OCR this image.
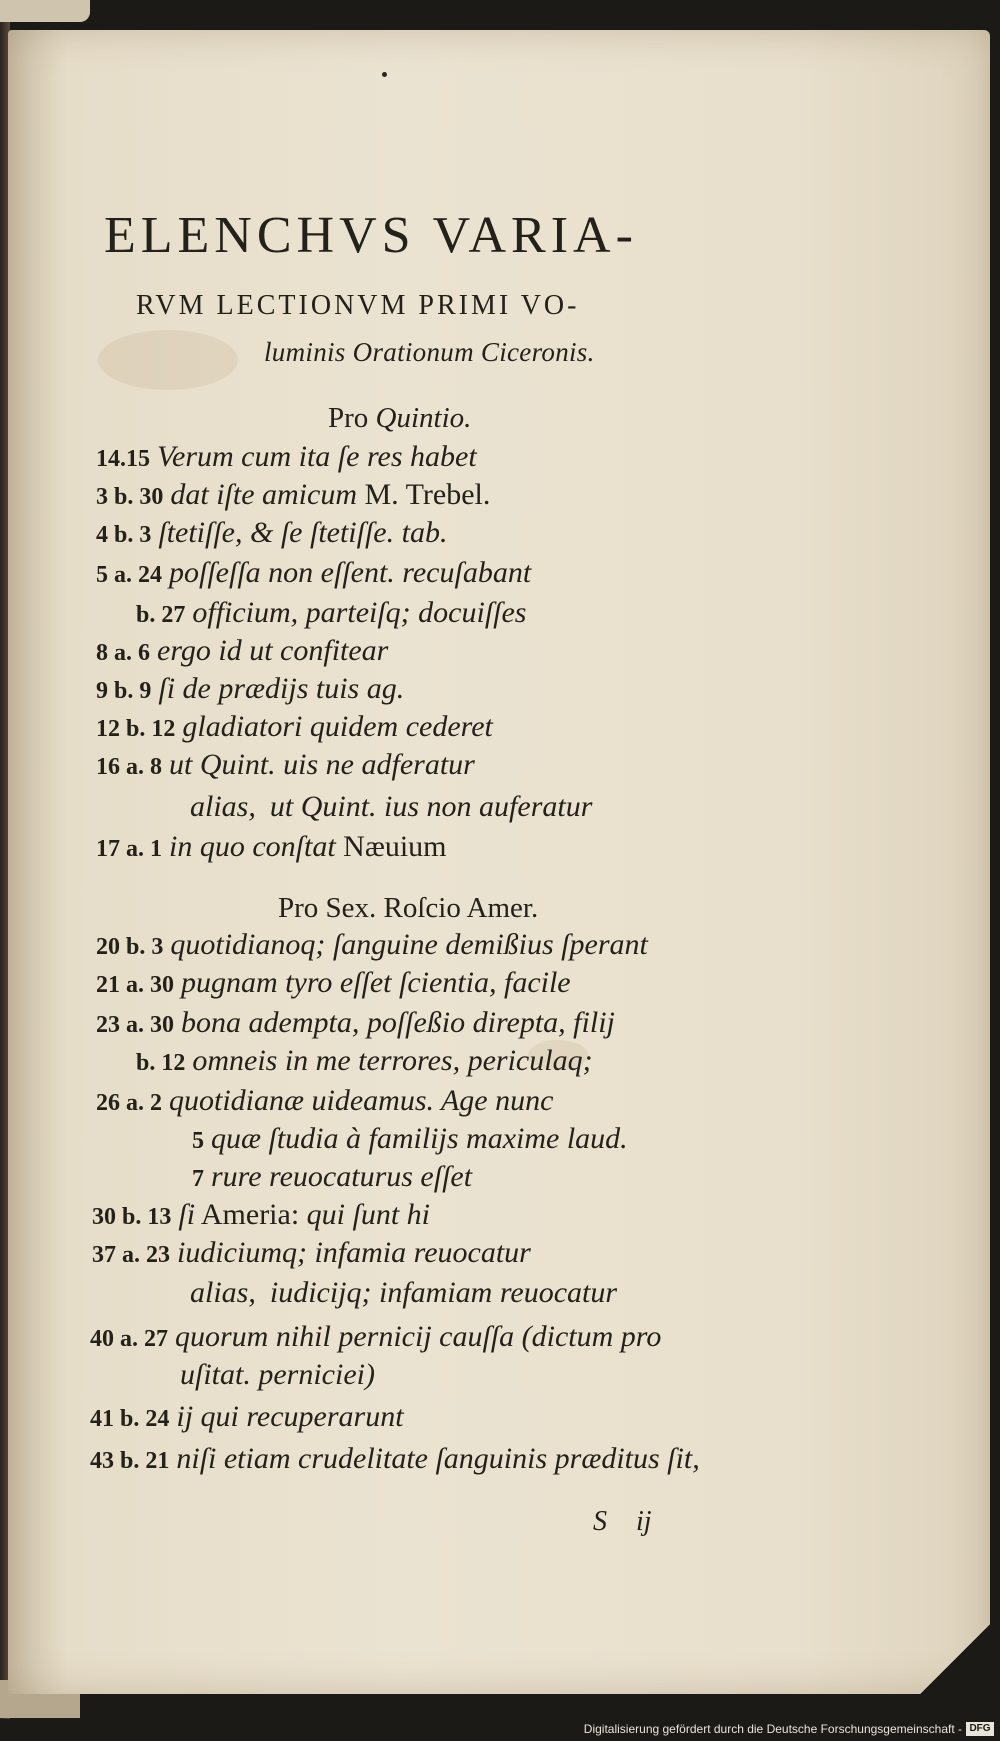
ELENCHVS VARIA-
RVM LECTIONVM PRIMI VO-
luminis Orationum Ciceronis.
Pro Quintio.
14.15 Verum cum ita ſe res habet
3 b. 30 dat iſte amicum M. Trebel.
4 b. 3 ſtetiſſe, & ſe ſtetiſſe. tab.
5 a. 24 poſſeſſa non eſſent. recuſabant
b. 27 officium, parteiſq; docuiſſes
8 a. 6 ergo id ut confitear
9 b. 9 ſi de prædijs tuis ag.
12 b. 12 gladiatori quidem cederet
16 a. 8 ut Quint. uis ne adferatur
alias, ut Quint. ius non auferatur
17 a. 1 in quo conſtat Næuium
Pro Sex. Roſcio Amer.
20 b. 3 quotidianoq; ſanguine demißius ſperant
21 a. 30 pugnam tyro eſſet ſcientia, facile
23 a. 30 bona adempta, poſſeßio direpta, filij
b. 12 omneis in me terrores, periculaq;
26 a. 2 quotidianæ uideamus. Age nunc
5 quæ ſtudia à familijs maxime laud.
7 rure reuocaturus eſſet
30 b. 13 ſi Ameria: qui ſunt hi
37 a. 23 iudiciumq; infamia reuocatur
alias, iudicijq; infamiam reuocatur
40 a. 27 quorum nihil pernicij cauſſa (dictum pro
uſitat. perniciei)
41 b. 24 ij qui recuperarunt
43 b. 21 niſi etiam crudelitate ſanguinis præditus ſit,
S ij
Digitalisierung gefördert durch die Deutsche Forschungsgemeinschaft - DFG
